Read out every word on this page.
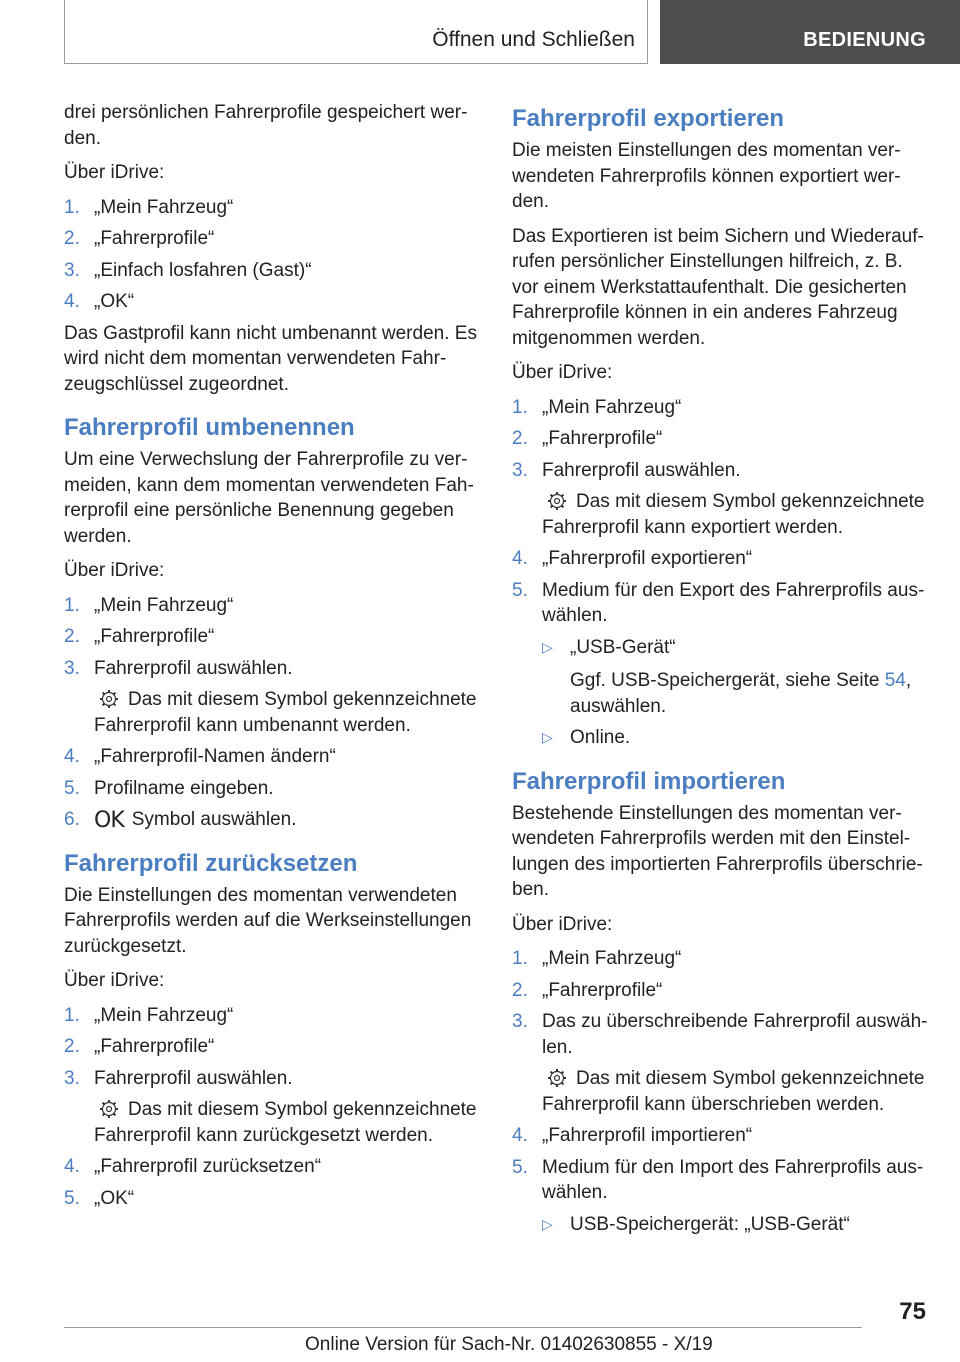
Öffnen und Schließen	BEDIENUNG

drei persönlichen Fahrerprofile gespeichert wer-den.

Über iDrive:

1. „Mein Fahrzeug“
2. „Fahrerprofile“
3. „Einfach losfahren (Gast)“
4. „OK“

Das Gastprofil kann nicht umbenannt werden. Es wird nicht dem momentan verwendeten Fahr-zeugschlüssel zugeordnet.

Fahrerprofil umbenennen

Um eine Verwechslung der Fahrerprofile zu ver-meiden, kann dem momentan verwendeten Fah-rerprofil eine persönliche Benennung gegeben werden.

Über iDrive:

1. „Mein Fahrzeug“
2. „Fahrerprofile“
3. Fahrerprofil auswählen.
Das mit diesem Symbol gekennzeichnete Fahrerprofil kann umbenannt werden.
4. „Fahrerprofil-Namen ändern“
5. Profilname eingeben.
6. OK Symbol auswählen.
Fahrerprofil zurücksetzen

Die Einstellungen des momentan verwendeten Fahrerprofils werden auf die Werkseinstellungen zurückgesetzt.

Über iDrive:

1. „Mein Fahrzeug“
2. „Fahrerprofile“
3. Fahrerprofil auswählen.
Das mit diesem Symbol gekennzeichnete Fahrerprofil kann zurückgesetzt werden.
4. „Fahrerprofil zurücksetzen“
5. „OK“
Fahrerprofil exportieren

Die meisten Einstellungen des momentan ver-wendeten Fahrerprofils können exportiert wer-den.

Das Exportieren ist beim Sichern und Wiederauf-rufen persönlicher Einstellungen hilfreich, z. B. vor einem Werkstattaufenthalt. Die gesicherten Fahrerprofile können in ein anderes Fahrzeug mitgenommen werden.

Über iDrive:

1. „Mein Fahrzeug“
2. „Fahrerprofile“
3. Fahrerprofil auswählen.
Das mit diesem Symbol gekennzeichnete Fahrerprofil kann exportiert werden.
4. „Fahrerprofil exportieren“
5. Medium für den Export des Fahrerprofils aus-wählen.
▷ „USB-Gerät“
Ggf. USB-Speichergerät, siehe Seite 54, auswählen.
▷ Online.
Fahrerprofil importieren

Bestehende Einstellungen des momentan ver-wendeten Fahrerprofils werden mit den Einstel-lungen des importierten Fahrerprofils überschrie-ben.

Über iDrive:

1. „Mein Fahrzeug“
2. „Fahrerprofile“
3. Das zu überschreibende Fahrerprofil auswäh-len.
Das mit diesem Symbol gekennzeichnete Fahrerprofil kann überschrieben werden.
4. „Fahrerprofil importieren“
5. Medium für den Import des Fahrerprofils aus-wählen.
▷ USB-Speichergerät: „USB-Gerät“
75
Online Version für Sach-Nr. 01402630855 - X/19
